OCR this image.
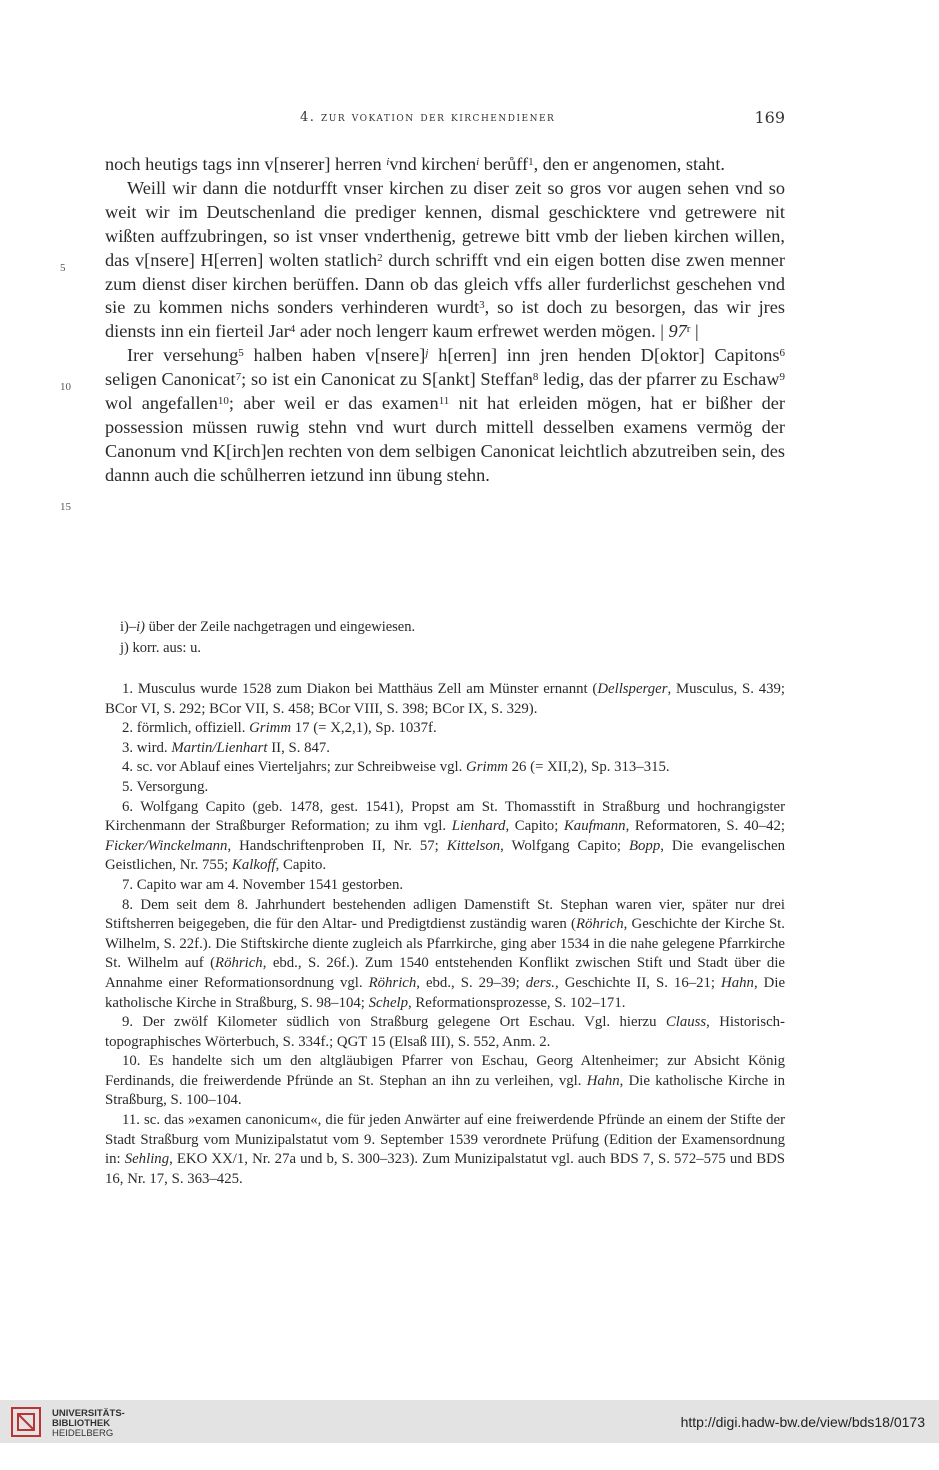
4. zur vokation der kirchendiener	169
5
10
15

noch heutigs tags inn v[nserer] herren $^i$vnd kirchen$^i$ berůff$^1$, den er angenomen, staht.

Weill wir dann die notdurfft vnser kirchen zu diser zeit so gros vor augen sehen vnd so weit wir im Deutschenland die prediger kennen, dismal geschicktere vnd getrewere nit wißten auffzubringen, so ist vnser vnderthenig, getrewe bitt vmb der lieben kirchen willen, das v[nsere] H[erren] wolten statlich$^2$ durch schrifft vnd ein eigen botten dise zwen menner zum dienst diser kirchen berüffen. Dann ob das gleich vffs aller furderlichst geschehen vnd sie zu kommen nichs sonders verhinderen wurdt$^3$, so ist doch zu besorgen, das wir jres diensts inn ein fierteil Jar$^4$ ader noch lengerr kaum erfrewet werden mögen. | 97$^r$ |

Irer versehung$^5$ halben haben v[nsere]$^j$ h[erren] inn jren henden D[oktor] Capitons$^6$ seligen Canonicat$^7$; so ist ein Canonicat zu S[ankt] Steffan$^8$ ledig, das der pfarrer zu Eschaw$^9$ wol angefallen$^{10}$; aber weil er das examen$^{11}$ nit hat erleiden mögen, hat er bißher der possession müssen ruwig stehn vnd wurt durch mittell desselben examens vermög der Canonum vnd K[irch]en rechten von dem selbigen Canonicat leichtlich abzutreiben sein, des dannn auch die schůlherren ietzund inn übung stehn.

i)–i) über der Zeile nachgetragen und eingewiesen.
j) korr. aus: u.

1. Musculus wurde 1528 zum Diakon bei Matthäus Zell am Münster ernannt (Dellsperger, Musculus, S. 439; BCor VI, S. 292; BCor VII, S. 458; BCor VIII, S. 398; BCor IX, S. 329).

2. förmlich, offiziell. Grimm 17 (= X,2,1), Sp. 1037f.

3. wird. Martin/Lienhart II, S. 847.

4. sc. vor Ablauf eines Vierteljahrs; zur Schreibweise vgl. Grimm 26 (= XII,2), Sp. 313–315.

5. Versorgung.

6. Wolfgang Capito (geb. 1478, gest. 1541), Propst am St. Thomasstift in Straßburg und hochrangigster Kirchenmann der Straßburger Reformation; zu ihm vgl. Lienhard, Capito; Kaufmann, Reformatoren, S. 40–42; Ficker/Winckelmann, Handschriftenproben II, Nr. 57; Kittelson, Wolfgang Capito; Bopp, Die evangelischen Geistlichen, Nr. 755; Kalkoff, Capito.

7. Capito war am 4. November 1541 gestorben.

8. Dem seit dem 8. Jahrhundert bestehenden adligen Damenstift St. Stephan waren vier, später nur drei Stiftsherren beigegeben, die für den Altar- und Predigtdienst zuständig waren (Röhrich, Geschichte der Kirche St. Wilhelm, S. 22f.). Die Stiftskirche diente zugleich als Pfarrkirche, ging aber 1534 in die nahe gelegene Pfarrkirche St. Wilhelm auf (Röhrich, ebd., S. 26f.). Zum 1540 entstehenden Konflikt zwischen Stift und Stadt über die Annahme einer Reformationsordnung vgl. Röhrich, ebd., S. 29–39; ders., Geschichte II, S. 16–21; Hahn, Die katholische Kirche in Straßburg, S. 98–104; Schelp, Reformationsprozesse, S. 102–171.

9. Der zwölf Kilometer südlich von Straßburg gelegene Ort Eschau. Vgl. hierzu Clauss, Historisch-topographisches Wörterbuch, S. 334f.; QGT 15 (Elsaß III), S. 552, Anm. 2.

10. Es handelte sich um den altgläubigen Pfarrer von Eschau, Georg Altenheimer; zur Absicht König Ferdinands, die freiwerdende Pfründe an St. Stephan an ihn zu verleihen, vgl. Hahn, Die katholische Kirche in Straßburg, S. 100–104.

11. sc. das »examen canonicum«, die für jeden Anwärter auf eine freiwerdende Pfründe an einem der Stifte der Stadt Straßburg vom Munizipalstatut vom 9. September 1539 verordnete Prüfung (Edition der Examensordnung in: Sehling, EKO XX/1, Nr. 27a und b, S. 300–323). Zum Munizipalstatut vgl. auch BDS 7, S. 572–575 und BDS 16, Nr. 17, S. 363–425.

UNIVERSITÄTS-
BIBLIOTHEK
HEIDELBERG
http://digi.hadw-bw.de/view/bds18/0173
